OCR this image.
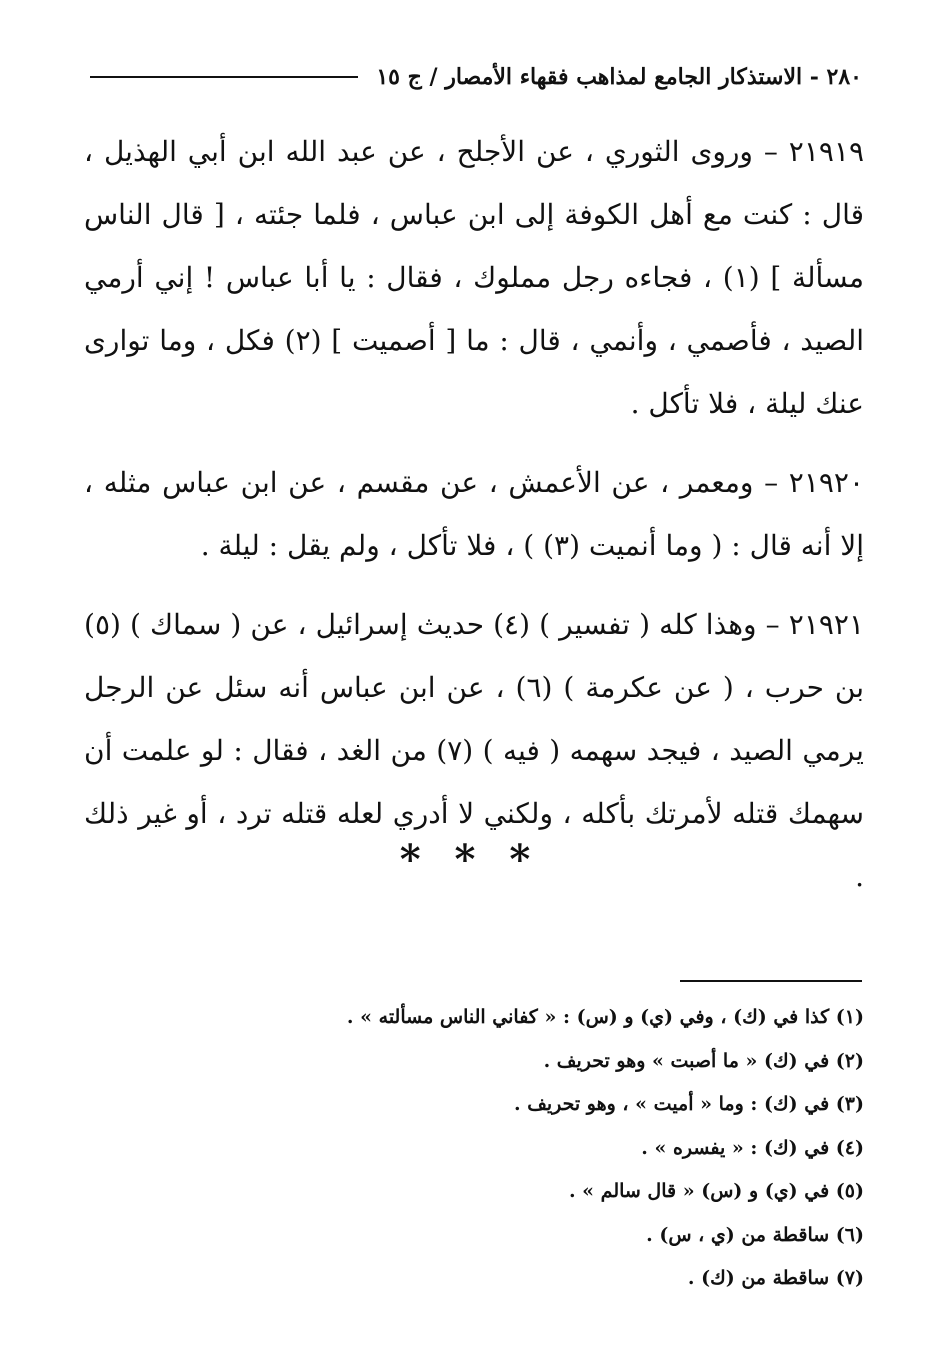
٢٨٠ - الاستذكار الجامع لمذاهب فقهاء الأمصار / ج ١٥

٢١٩١٩ – وروى الثوري ، عن الأجلح ، عن عبد الله ابن أبي الهذيل ، قال : كنت مع أهل الكوفة إلى ابن عباس ، فلما جئته ، [ قال الناس مسألة ] (١) ، فجاءه رجل مملوك ، فقال : يا أبا عباس ! إني أرمي الصيد ، فأصمي ، وأنمي ، قال : ما [ أصميت ] (٢) فكل ، وما توارى عنك ليلة ، فلا تأكل .

٢١٩٢٠ – ومعمر ، عن الأعمش ، عن مقسم ، عن ابن عباس مثله ، إلا أنه قال : ( وما أنميت (٣) ) ، فلا تأكل ، ولم يقل : ليلة .

٢١٩٢١ – وهذا كله ( تفسير ) (٤) حديث إسرائيل ، عن ( سماك ) (٥) بن حرب ، ( عن عكرمة ) (٦) ، عن ابن عباس أنه سئل عن الرجل يرمي الصيد ، فيجد سهمه ( فيه ) (٧) من الغد ، فقال : لو علمت أن سهمك قتله لأمرتك بأكله ، ولكني لا أدري لعله قتله ترد ، أو غير ذلك .

* * *
(١) كذا في (ك) ، وفي (ي) و (س) : « كفاني الناس مسألته » .
(٢) في (ك) « ما أصبت » وهو تحريف .
(٣) في (ك) : وما « أميت » ، وهو تحريف .
(٤) في (ك) : « يفسره » .
(٥) في (ي) و (س) « قال سالم » .
(٦) ساقطة من (ي ، س) .
(٧) ساقطة من (ك) .
